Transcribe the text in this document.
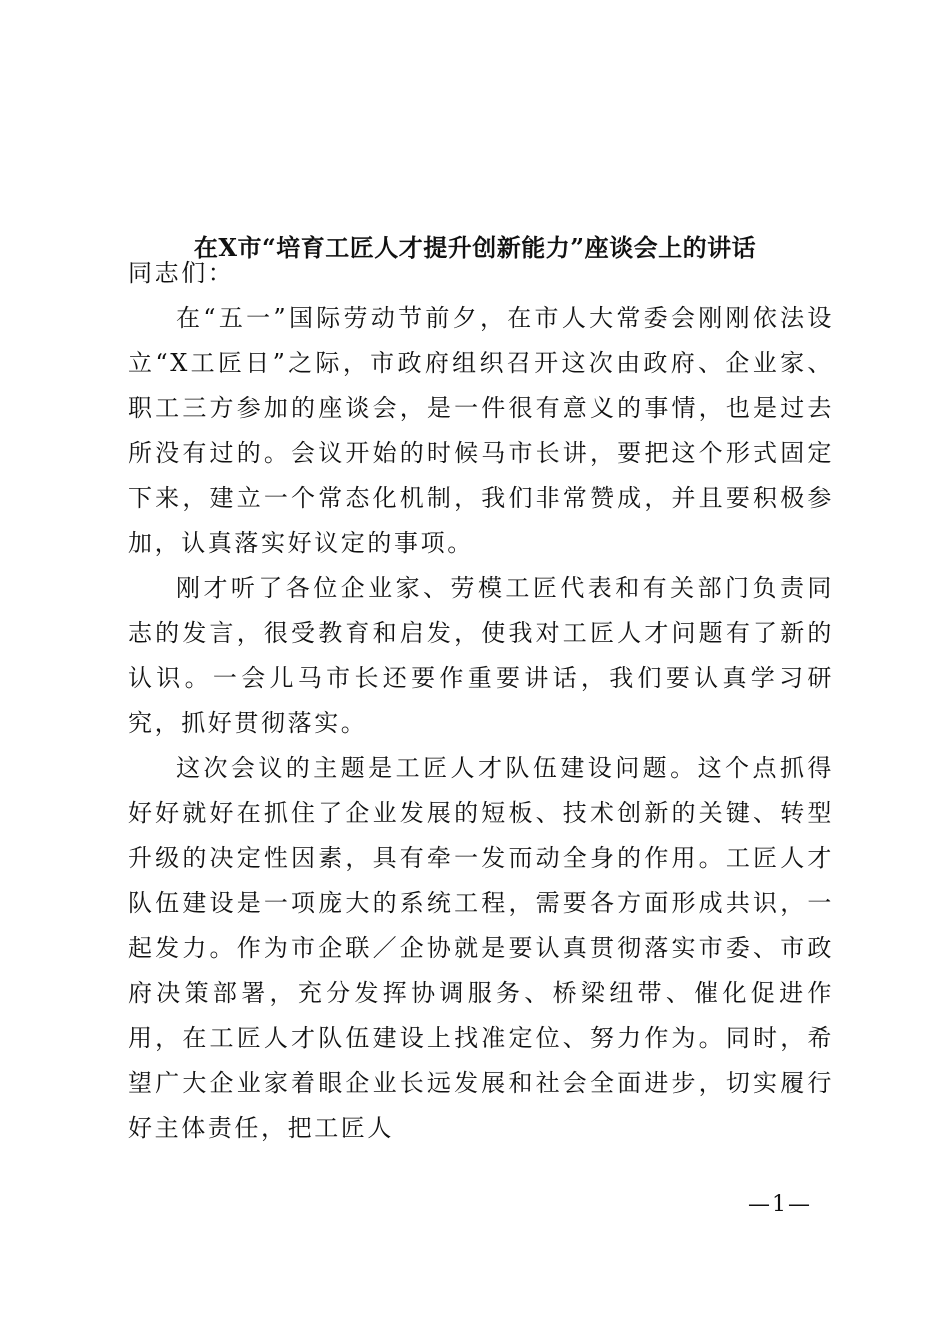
在X市“培育工匠人才提升创新能力”座谈会上的讲话

同志们：

在“五一”国际劳动节前夕，在市人大常委会刚刚依法设立“X工匠日”之际，市政府组织召开这次由政府、企业家、职工三方参加的座谈会，是一件很有意义的事情，也是过去所没有过的。会议开始的时候马市长讲，要把这个形式固定下来，建立一个常态化机制，我们非常赞成，并且要积极参加，认真落实好议定的事项。

刚才听了各位企业家、劳模工匠代表和有关部门负责同志的发言，很受教育和启发，使我对工匠人才问题有了新的认识。一会儿马市长还要作重要讲话，我们要认真学习研究，抓好贯彻落实。

这次会议的主题是工匠人才队伍建设问题。这个点抓得好好就好在抓住了企业发展的短板、技术创新的关键、转型升级的决定性因素，具有牵一发而动全身的作用。工匠人才队伍建设是一项庞大的系统工程，需要各方面形成共识，一起发力。作为市企联／企协就是要认真贯彻落实市委、市政府决策部署，充分发挥协调服务、桥梁纽带、催化促进作用，在工匠人才队伍建设上找准定位、努力作为。同时，希望广大企业家着眼企业长远发展和社会全面进步，切实履行好主体责任，把工匠人

—1—
